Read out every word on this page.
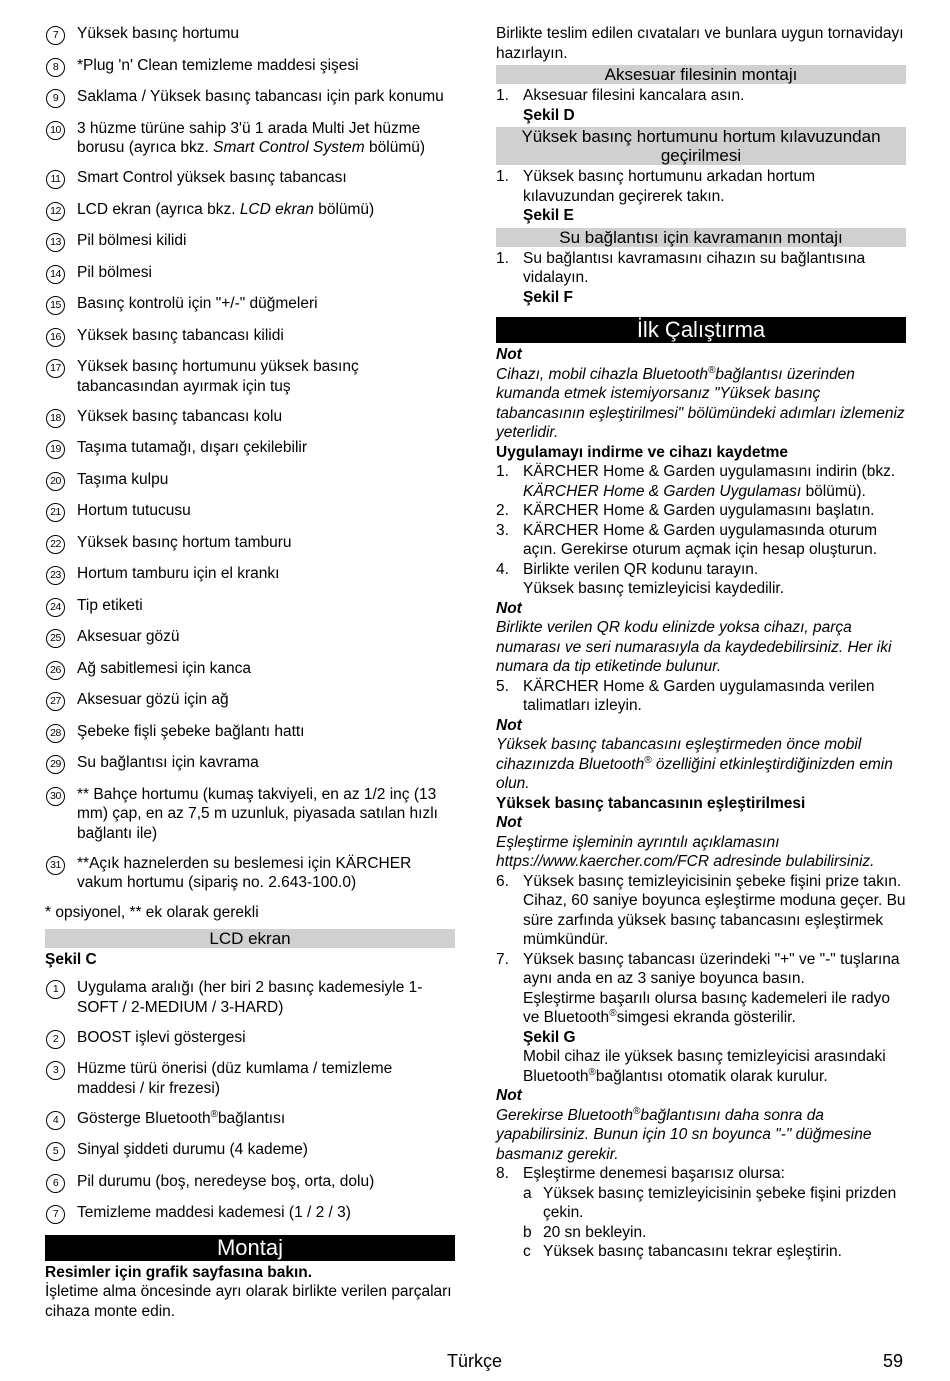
7	Yüksek basınç hortumu
8	*Plug 'n' Clean temizleme maddesi şişesi
9	Saklama / Yüksek basınç tabancası için park konumu
10 3 hüzme türüne sahip 3'ü 1 arada Multi Jet hüzme borusu (ayrıca bkz. Smart Control System bölümü)
11 Smart Control yüksek basınç tabancası
12 LCD ekran (ayrıca bkz. LCD ekran bölümü)
13 Pil bölmesi kilidi
14 Pil bölmesi
15 Basınç kontrolü için "+/-" düğmeleri
16 Yüksek basınç tabancası kilidi
17 Yüksek basınç hortumunu yüksek basınç tabancasından ayırmak için tuş
18 Yüksek basınç tabancası kolu
19 Taşıma tutamağı, dışarı çekilebilir
20 Taşıma kulpu
21 Hortum tutucusu
22 Yüksek basınç hortum tamburu
23 Hortum tamburu için el krankı
24 Tip etiketi
25 Aksesuar gözü
26 Ağ sabitlemesi için kanca
27 Aksesuar gözü için ağ
28 Şebeke fişli şebeke bağlantı hattı
29 Su bağlantısı için kavrama
30 ** Bahçe hortumu (kumaş takviyeli, en az 1/2 inç (13 mm) çap, en az 7,5 m uzunluk, piyasada satılan hızlı bağlantı ile)
31 **Açık haznelerden su beslemesi için KÄRCHER vakum hortumu (sipariş no. 2.643-100.0)
* opsiyonel, ** ek olarak gerekli
LCD ekran
Şekil C
1	Uygulama aralığı (her biri 2 basınç kademesiyle 1-SOFT / 2-MEDIUM / 3-HARD)
2	BOOST işlevi göstergesi
3	Hüzme türü önerisi (düz kumlama / temizleme maddesi / kir frezesi)
4	Gösterge Bluetooth®bağlantısı
5	Sinyal şiddeti durumu (4 kademe)
6	Pil durumu (boş, neredeyse boş, orta, dolu)
7	Temizleme maddesi kademesi (1 / 2 / 3)
Montaj
Resimler için grafik sayfasına bakın.
İşletime alma öncesinde ayrı olarak birlikte verilen parçaları cihaza monte edin.
Birlikte teslim edilen cıvataları ve bunlara uygun tornavidayı hazırlayın.
Aksesuar filesinin montajı
1. Aksesuar filesini kancalara asın.
Şekil D
Yüksek basınç hortumunu hortum kılavuzundan geçirilmesi
1. Yüksek basınç hortumunu arkadan hortum kılavuzundan geçirerek takın.
Şekil E
Su bağlantısı için kavramanın montajı
1. Su bağlantısı kavramasını cihazın su bağlantısına vidalayın.
Şekil F
İlk Çalıştırma
Not
Cihazı, mobil cihazla Bluetooth®bağlantısı üzerinden kumanda etmek istemiyorsanız "Yüksek basınç tabancasının eşleştirilmesi" bölümündeki adımları izlemeniz yeterlidir.
Uygulamayı indirme ve cihazı kaydetme
1. KÄRCHER Home & Garden uygulamasını indirin (bkz. KÄRCHER Home & Garden Uygulaması bölümü).
2. KÄRCHER Home & Garden uygulamasını başlatın.
3. KÄRCHER Home & Garden uygulamasında oturum açın. Gerekirse oturum açmak için hesap oluşturun.
4. Birlikte verilen QR kodunu tarayın.
Yüksek basınç temizleyicisi kaydedilir.
Not
Birlikte verilen QR kodu elinizde yoksa cihazı, parça numarası ve seri numarasıyla da kaydedebilirsiniz. Her iki numara da tip etiketinde bulunur.
5. KÄRCHER Home & Garden uygulamasında verilen talimatları izleyin.
Not
Yüksek basınç tabancasını eşleştirmeden önce mobil cihazınızda Bluetooth® özelliğini etkinleştirdiğinizden emin olun.
Yüksek basınç tabancasının eşleştirilmesi
Not
Eşleştirme işleminin ayrıntılı açıklamasını https://www.kaercher.com/FCR adresinde bulabilirsiniz.
6. Yüksek basınç temizleyicisinin şebeke fişini prize takın.
Cihaz, 60 saniye boyunca eşleştirme moduna geçer. Bu süre zarfında yüksek basınç tabancasını eşleştirmek mümkündür.
7. Yüksek basınç tabancası üzerindeki "+" ve "-" tuşlarına aynı anda en az 3 saniye boyunca basın.
Eşleştirme başarılı olursa basınç kademeleri ile radyo ve Bluetooth®simgesi ekranda gösterilir.
Şekil G
Mobil cihaz ile yüksek basınç temizleyicisi arasındaki Bluetooth®bağlantısı otomatik olarak kurulur.
Not
Gerekirse Bluetooth®bağlantısını daha sonra da yapabilirsiniz. Bunun için 10 sn boyunca "-" düğmesine basmanız gerekir.
8. Eşleştirme denemesi başarısız olursa:
a Yüksek basınç temizleyicisinin şebeke fişini prizden çekin.
b 20 sn bekleyin.
c Yüksek basınç tabancasını tekrar eşleştirin.
Türkçe	59
